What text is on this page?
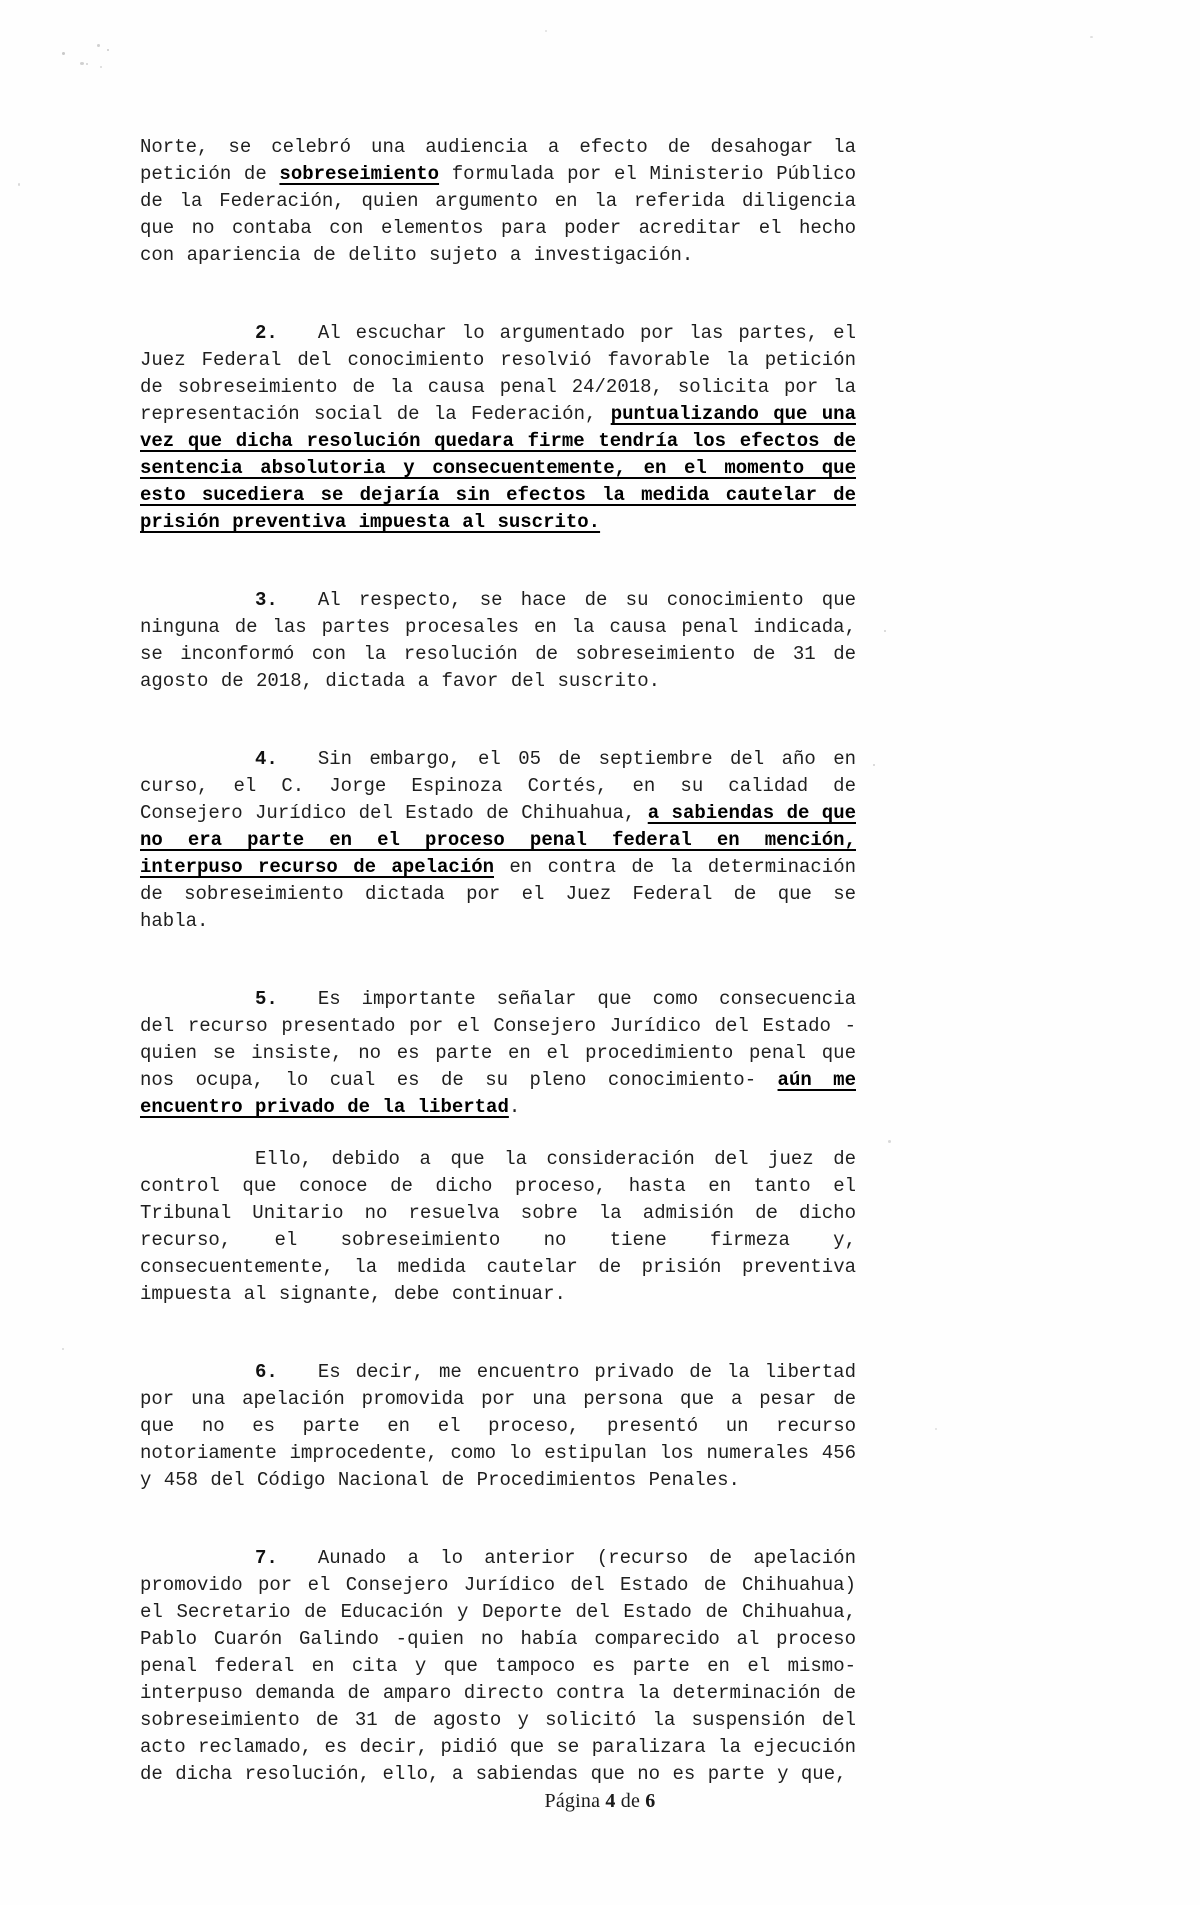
Norte, se celebró una audiencia a efecto de desahogar la petición de sobreseimiento formulada por el Ministerio Público de la Federación, quien argumento en la referida diligencia que no contaba con elementos para poder acreditar el hecho con apariencia de delito sujeto a investigación.

2. Al escuchar lo argumentado por las partes, el Juez Federal del conocimiento resolvió favorable la petición de sobreseimiento de la causa penal 24/2018, solicita por la representación social de la Federación, puntualizando que una vez que dicha resolución quedara firme tendría los efectos de sentencia absolutoria y consecuentemente, en el momento que esto sucediera se dejaría sin efectos la medida cautelar de prisión preventiva impuesta al suscrito.

3. Al respecto, se hace de su conocimiento que ninguna de las partes procesales en la causa penal indicada, se inconformó con la resolución de sobreseimiento de 31 de agosto de 2018, dictada a favor del suscrito.

4. Sin embargo, el 05 de septiembre del año en curso, el C. Jorge Espinoza Cortés, en su calidad de Consejero Jurídico del Estado de Chihuahua, a sabiendas de que no era parte en el proceso penal federal en mención, interpuso recurso de apelación en contra de la determinación de sobreseimiento dictada por el Juez Federal de que se habla.

5. Es importante señalar que como consecuencia del recurso presentado por el Consejero Jurídico del Estado -quien se insiste, no es parte en el procedimiento penal que nos ocupa, lo cual es de su pleno conocimiento- aún me encuentro privado de la libertad.

Ello, debido a que la consideración del juez de control que conoce de dicho proceso, hasta en tanto el Tribunal Unitario no resuelva sobre la admisión de dicho recurso, el sobreseimiento no tiene firmeza y, consecuentemente, la medida cautelar de prisión preventiva impuesta al signante, debe continuar.

6. Es decir, me encuentro privado de la libertad por una apelación promovida por una persona que a pesar de que no es parte en el proceso, presentó un recurso notoriamente improcedente, como lo estipulan los numerales 456 y 458 del Código Nacional de Procedimientos Penales.

7. Aunado a lo anterior (recurso de apelación promovido por el Consejero Jurídico del Estado de Chihuahua) el Secretario de Educación y Deporte del Estado de Chihuahua, Pablo Cuarón Galindo -quien no había comparecido al proceso penal federal en cita y que tampoco es parte en el mismo- interpuso demanda de amparo directo contra la determinación de sobreseimiento de 31 de agosto y solicitó la suspensión del acto reclamado, es decir, pidió que se paralizara la ejecución de dicha resolución, ello, a sabiendas que no es parte y que,

Página 4 de 6
